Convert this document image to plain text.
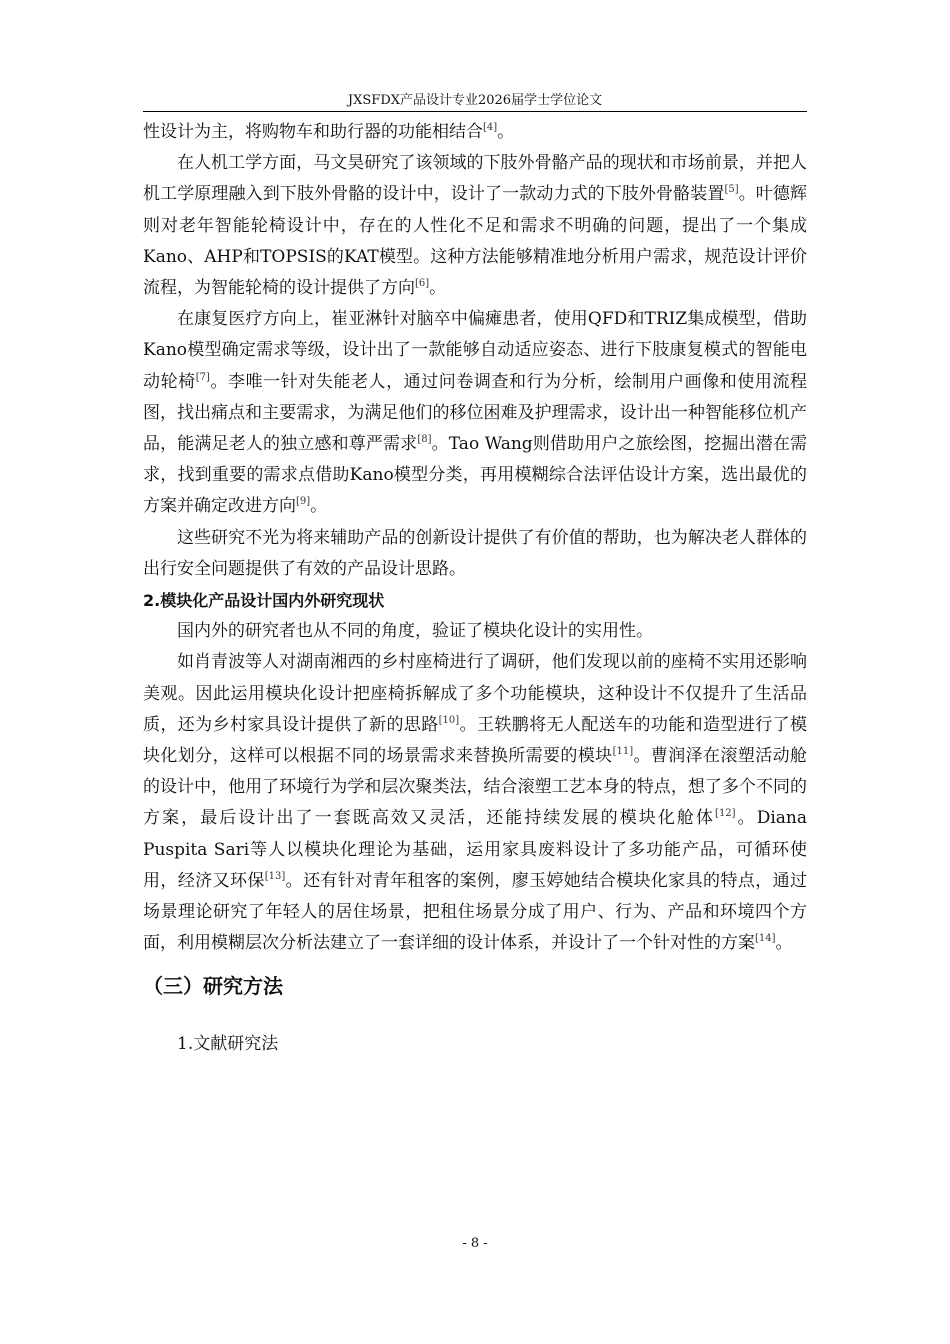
JXSFDX产品设计专业2026届学士学位论文

性设计为主，将购物车和助行器的功能相结合[4]。

在人机工学方面，马文昊研究了该领域的下肢外骨骼产品的现状和市场前景，并把人机工学原理融入到下肢外骨骼的设计中，设计了一款动力式的下肢外骨骼装置[5]。叶德辉则对老年智能轮椅设计中，存在的人性化不足和需求不明确的问题，提出了一个集成Kano、AHP和TOPSIS的KAT模型。这种方法能够精准地分析用户需求，规范设计评价流程，为智能轮椅的设计提供了方向[6]。

在康复医疗方向上，崔亚淋针对脑卒中偏瘫患者，使用QFD和TRIZ集成模型，借助Kano模型确定需求等级，设计出了一款能够自动适应姿态、进行下肢康复模式的智能电动轮椅[7]。李唯一针对失能老人，通过问卷调查和行为分析，绘制用户画像和使用流程图，找出痛点和主要需求，为满足他们的移位困难及护理需求，设计出一种智能移位机产品，能满足老人的独立感和尊严需求[8]。Tao Wang则借助用户之旅绘图，挖掘出潜在需求，找到重要的需求点借助Kano模型分类，再用模糊综合法评估设计方案，选出最优的方案并确定改进方向[9]。

这些研究不光为将来辅助产品的创新设计提供了有价值的帮助，也为解决老人群体的出行安全问题提供了有效的产品设计思路。

2.模块化产品设计国内外研究现状

国内外的研究者也从不同的角度，验证了模块化设计的实用性。

如肖青波等人对湖南湘西的乡村座椅进行了调研，他们发现以前的座椅不实用还影响美观。因此运用模块化设计把座椅拆解成了多个功能模块，这种设计不仅提升了生活品质，还为乡村家具设计提供了新的思路[10]。王轶鹏将无人配送车的功能和造型进行了模块化划分，这样可以根据不同的场景需求来替换所需要的模块[11]。曹润泽在滚塑活动舱的设计中，他用了环境行为学和层次聚类法，结合滚塑工艺本身的特点，想了多个不同的方案，最后设计出了一套既高效又灵活，还能持续发展的模块化舱体[12]。Diana Puspita Sari等人以模块化理论为基础，运用家具废料设计了多功能产品，可循环使用，经济又环保[13]。还有针对青年租客的案例，廖玉婷她结合模块化家具的特点，通过场景理论研究了年轻人的居住场景，把租住场景分成了用户、行为、产品和环境四个方面，利用模糊层次分析法建立了一套详细的设计体系，并设计了一个针对性的方案[14]。

（三）研究方法

1.文献研究法

- 8 -
